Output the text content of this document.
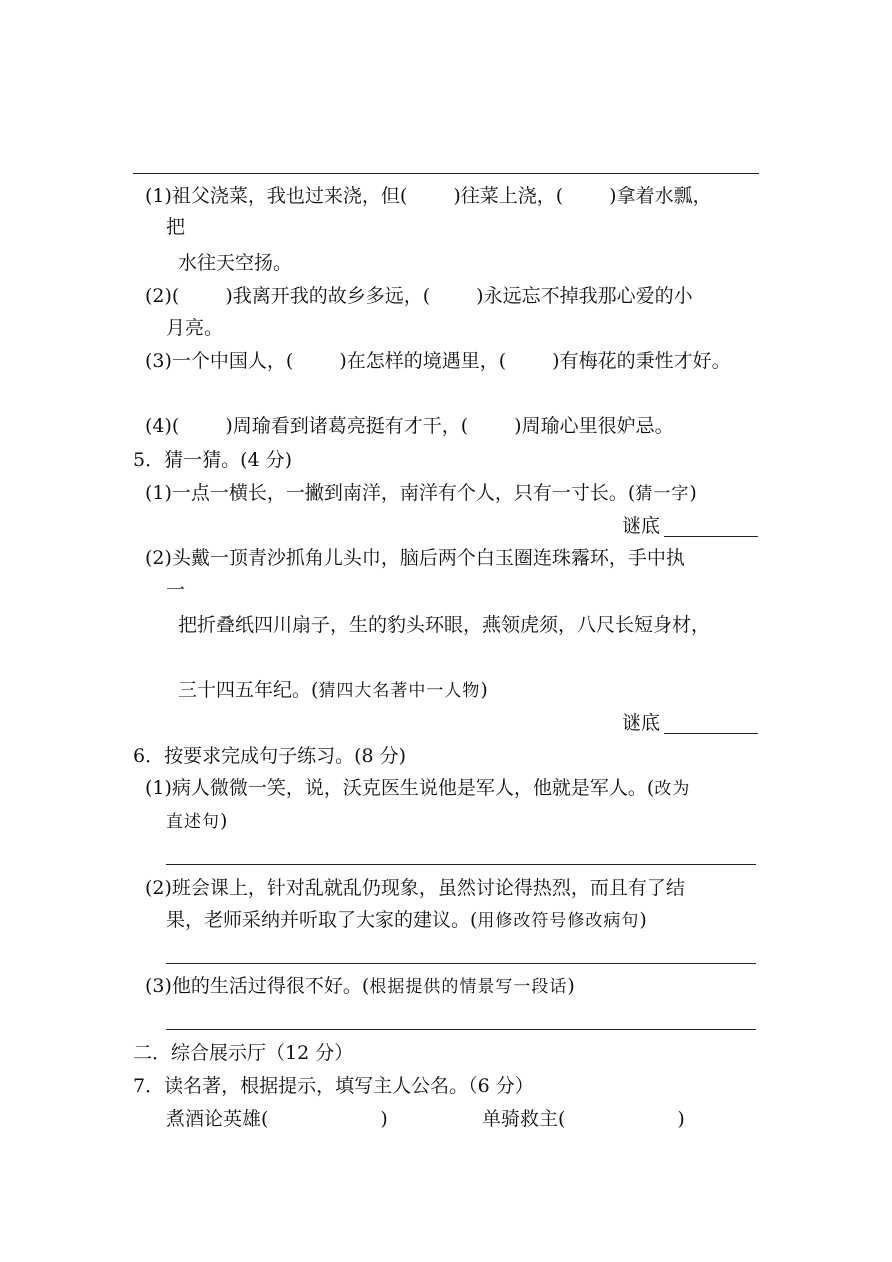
(1)祖父浇菜，我也过来浇，但( )往菜上浇，( )拿着水瓢，
把
水往天空扬。
(2)( )我离开我的故乡多远，( )永远忘不掉我那心爱的小
月亮。
(3)一个中国人，( )在怎样的境遇里，( )有梅花的秉性才好。
(4)( )周瑜看到诸葛亮挺有才干，( )周瑜心里很妒忌。
5．猜一猜。(4 分)
(1)一点一横长，一撇到南洋，南洋有个人，只有一寸长。(猜一字)
谜底
(2)头戴一顶青沙抓角儿头巾，脑后两个白玉圈连珠霿环，手中执
一
把折叠纸四川扇子，生的豹头环眼，燕领虎须，八尺长短身材，
三十四五年纪。(猜四大名著中一人物)
谜底
6．按要求完成句子练习。(8 分)
(1)病人微微一笑，说，沃克医生说他是军人，他就是军人。(改为
直述句)
(2)班会课上，针对乱就乱仍现象，虽然讨论得热烈，而且有了结
果，老师采纳并听取了大家的建议。(用修改符号修改病句)
(3)他的生活过得很不好。(根据提供的情景写一段话)
二．综合展示厅（12 分）
7．读名著，根据提示，填写主人公名。（6 分）
煮酒论英雄(	)	单骑救主(	)
